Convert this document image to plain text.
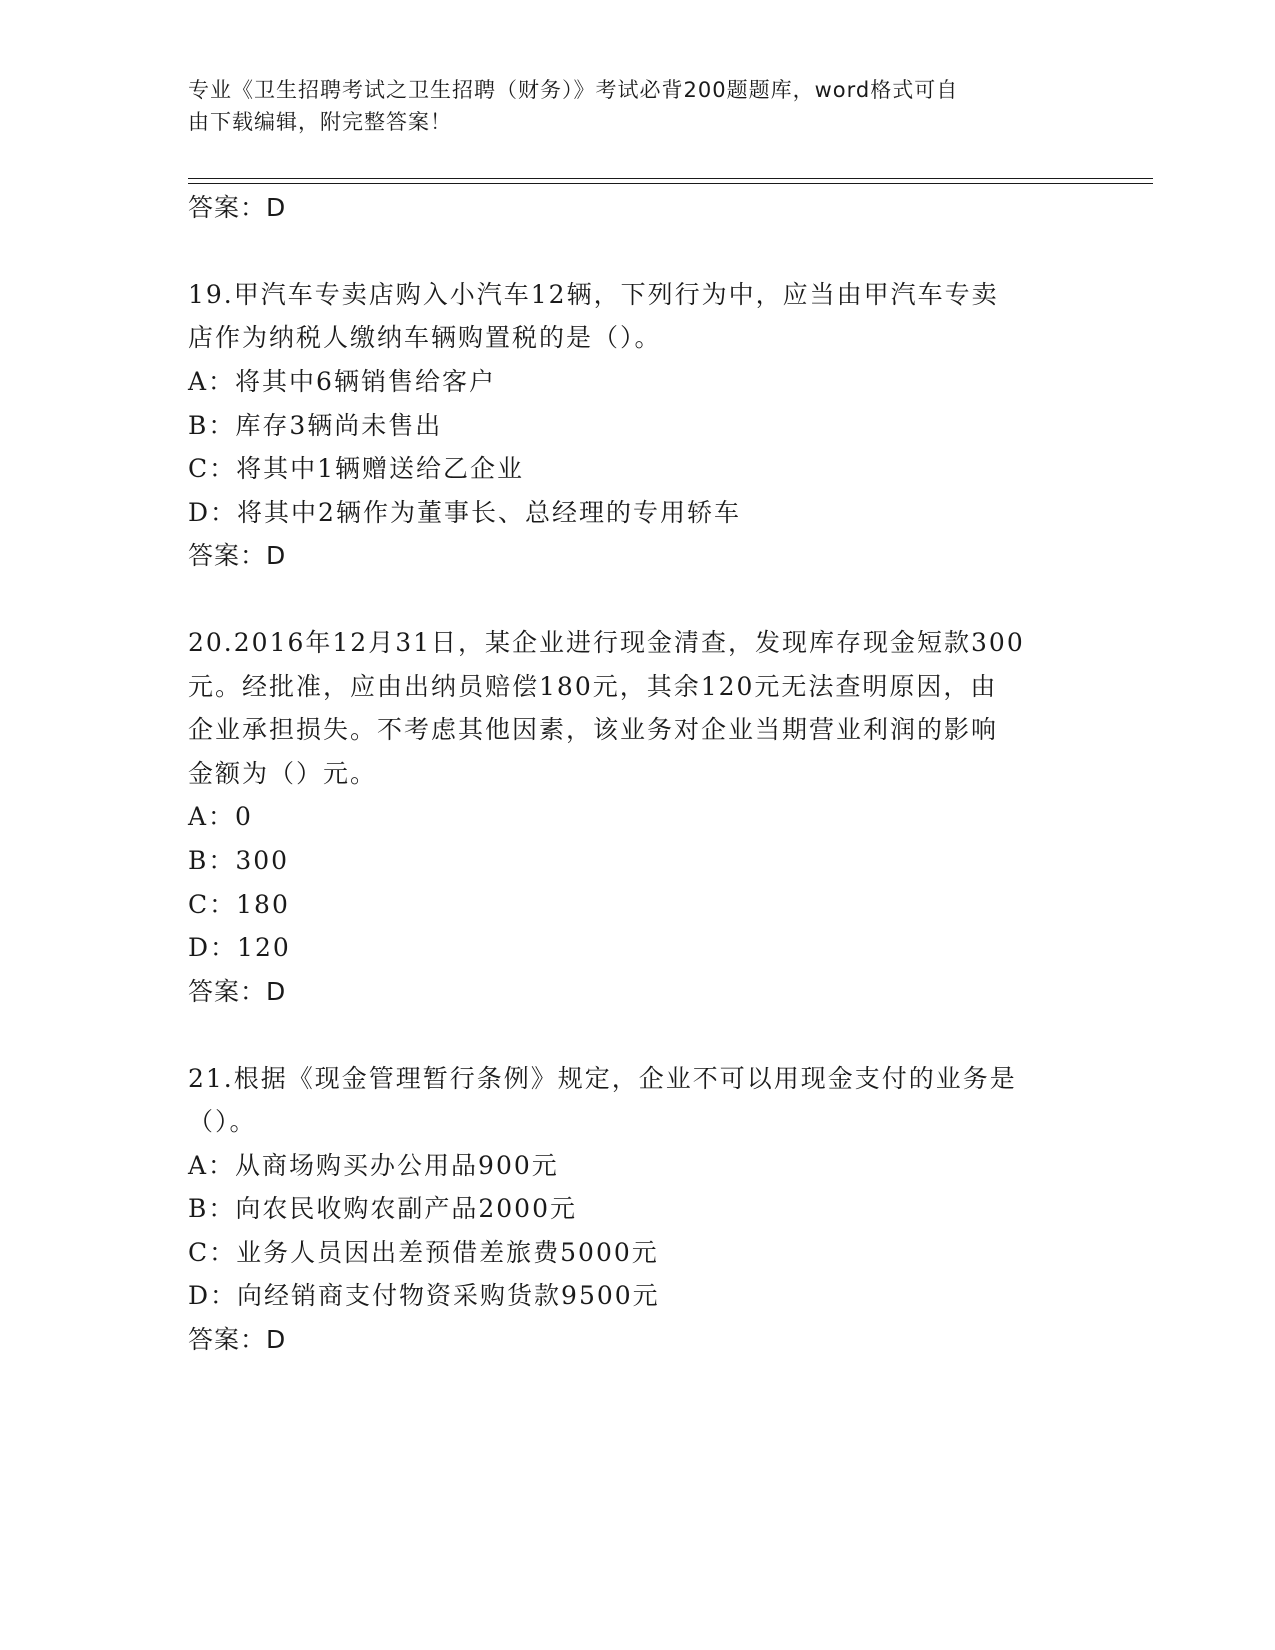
专业《卫生招聘考试之卫生招聘（财务）》考试必背200题题库，word格式可自
由下载编辑，附完整答案！
答案：D
19.甲汽车专卖店购入小汽车12辆，下列行为中，应当由甲汽车专卖
店作为纳税人缴纳车辆购置税的是（）。
A：将其中6辆销售给客户
B：库存3辆尚未售出
C：将其中1辆赠送给乙企业
D：将其中2辆作为董事长、总经理的专用轿车
答案：D
20.2016年12月31日，某企业进行现金清查，发现库存现金短款300
元。经批准，应由出纳员赔偿180元，其余120元无法查明原因，由
企业承担损失。不考虑其他因素，该业务对企业当期营业利润的影响
金额为（）元。
A：0
B：300
C：180
D：120
答案：D
21.根据《现金管理暂行条例》规定，企业不可以用现金支付的业务是
（）。
A：从商场购买办公用品900元
B：向农民收购农副产品2000元
C：业务人员因出差预借差旅费5000元
D：向经销商支付物资采购货款9500元
答案：D
